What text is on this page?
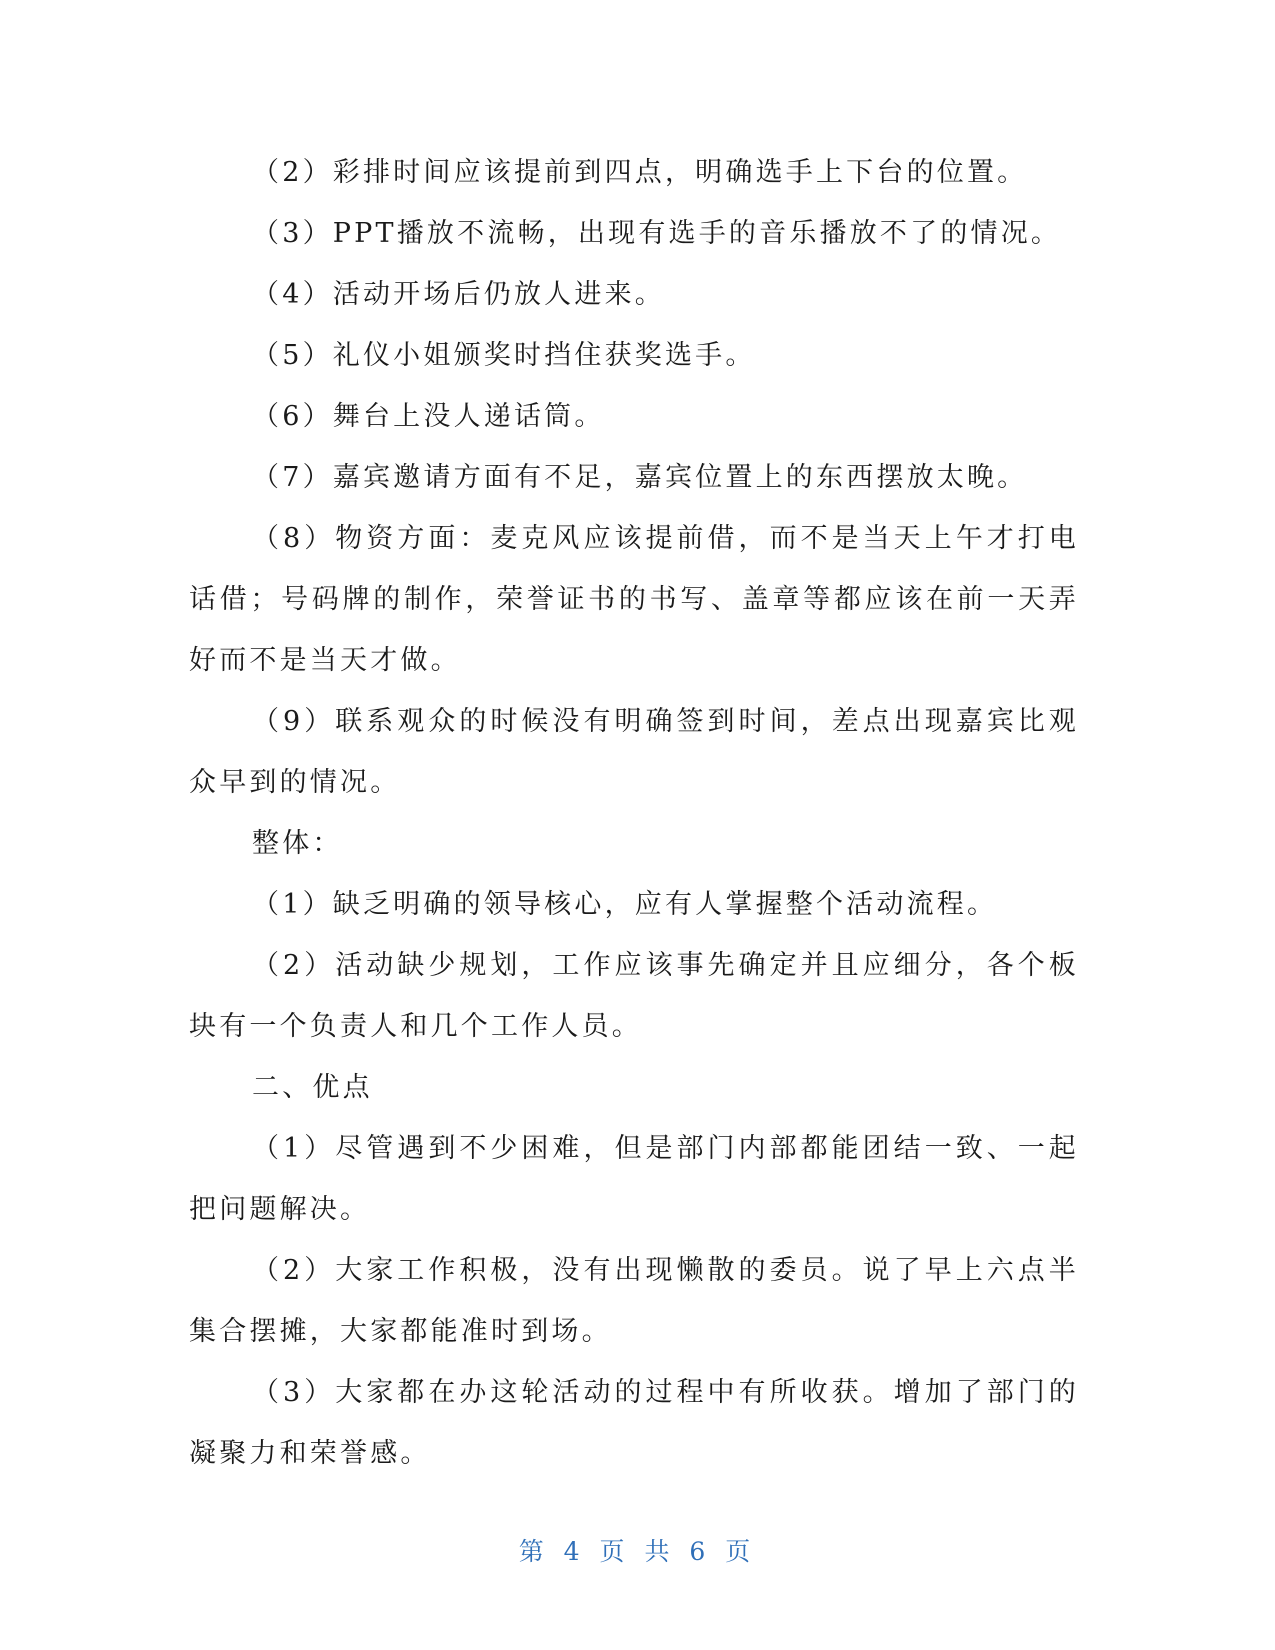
（2）彩排时间应该提前到四点，明确选手上下台的位置。

（3）PPT播放不流畅，出现有选手的音乐播放不了的情况。

（4）活动开场后仍放人进来。

（5）礼仪小姐颁奖时挡住获奖选手。

（6）舞台上没人递话筒。

（7）嘉宾邀请方面有不足，嘉宾位置上的东西摆放太晚。

（8）物资方面：麦克风应该提前借，而不是当天上午才打电话借；号码牌的制作，荣誉证书的书写、盖章等都应该在前一天弄好而不是当天才做。

（9）联系观众的时候没有明确签到时间，差点出现嘉宾比观众早到的情况。

整体：

（1）缺乏明确的领导核心，应有人掌握整个活动流程。

（2）活动缺少规划，工作应该事先确定并且应细分，各个板块有一个负责人和几个工作人员。

二、优点

（1）尽管遇到不少困难，但是部门内部都能团结一致、一起把问题解决。

（2）大家工作积极，没有出现懒散的委员。说了早上六点半集合摆摊，大家都能准时到场。

（3）大家都在办这轮活动的过程中有所收获。增加了部门的凝聚力和荣誉感。

第 4 页 共 6 页
